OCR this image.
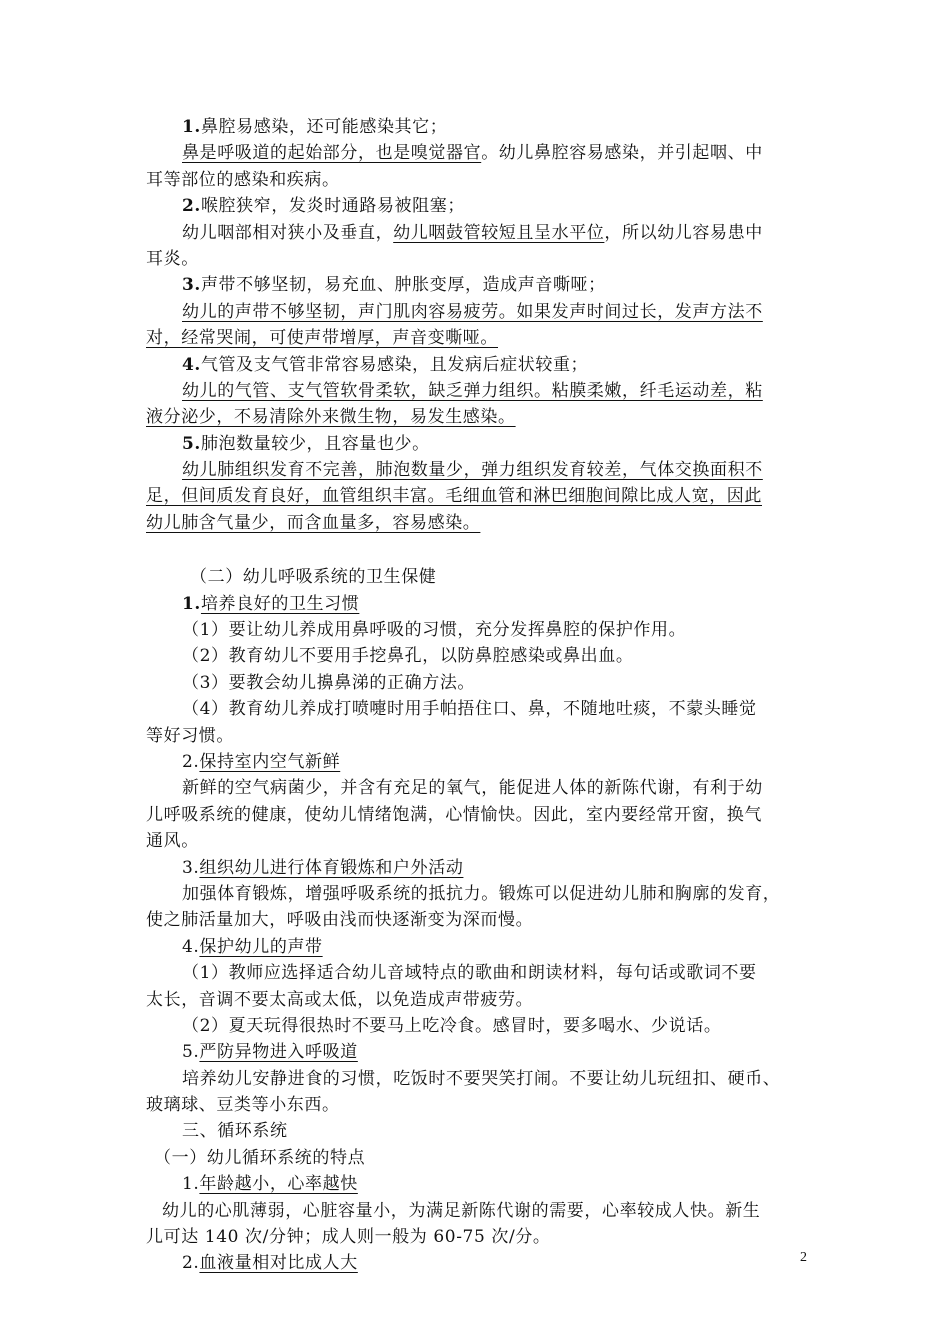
1.鼻腔易感染，还可能感染其它；
鼻是呼吸道的起始部分，也是嗅觉器官。幼儿鼻腔容易感染，并引起咽、中
耳等部位的感染和疾病。
2.喉腔狭窄，发炎时通路易被阻塞；
幼儿咽部相对狭小及垂直，幼儿咽鼓管较短且呈水平位，所以幼儿容易患中
耳炎。
3.声带不够坚韧，易充血、肿胀变厚，造成声音嘶哑；
幼儿的声带不够坚韧，声门肌肉容易疲劳。如果发声时间过长，发声方法不
对，经常哭闹，可使声带增厚，声音变嘶哑。
4.气管及支气管非常容易感染，且发病后症状较重；
幼儿的气管、支气管软骨柔软，缺乏弹力组织。粘膜柔嫩，纤毛运动差，粘
液分泌少，不易清除外来微生物，易发生感染。
5.肺泡数量较少，且容量也少。
幼儿肺组织发育不完善，肺泡数量少，弹力组织发育较差，气体交换面积不
足，但间质发育良好，血管组织丰富。毛细血管和淋巴细胞间隙比成人宽，因此
幼儿肺含气量少，而含血量多，容易感染。
（二）幼儿呼吸系统的卫生保健
1.培养良好的卫生习惯
（1）要让幼儿养成用鼻呼吸的习惯，充分发挥鼻腔的保护作用。
（2）教育幼儿不要用手挖鼻孔，以防鼻腔感染或鼻出血。
（3）要教会幼儿擤鼻涕的正确方法。
（4）教育幼儿养成打喷嚏时用手帕捂住口、鼻，不随地吐痰，不蒙头睡觉
等好习惯。
2.保持室内空气新鲜
新鲜的空气病菌少，并含有充足的氧气，能促进人体的新陈代谢，有利于幼
儿呼吸系统的健康，使幼儿情绪饱满，心情愉快。因此，室内要经常开窗，换气
通风。
3.组织幼儿进行体育锻炼和户外活动
加强体育锻炼，增强呼吸系统的抵抗力。锻炼可以促进幼儿肺和胸廓的发育，
使之肺活量加大，呼吸由浅而快逐渐变为深而慢。
4.保护幼儿的声带
（1）教师应选择适合幼儿音域特点的歌曲和朗读材料，每句话或歌词不要
太长，音调不要太高或太低，以免造成声带疲劳。
（2）夏天玩得很热时不要马上吃冷食。感冒时，要多喝水、少说话。
5.严防异物进入呼吸道
培养幼儿安静进食的习惯，吃饭时不要哭笑打闹。不要让幼儿玩纽扣、硬币、
玻璃球、豆类等小东西。
三、循环系统
（一）幼儿循环系统的特点
1.年龄越小，心率越快
幼儿的心肌薄弱，心脏容量小，为满足新陈代谢的需要，心率较成人快。新生
儿可达 140 次/分钟；成人则一般为 60-75 次/分。
2.血液量相对比成人大	2
